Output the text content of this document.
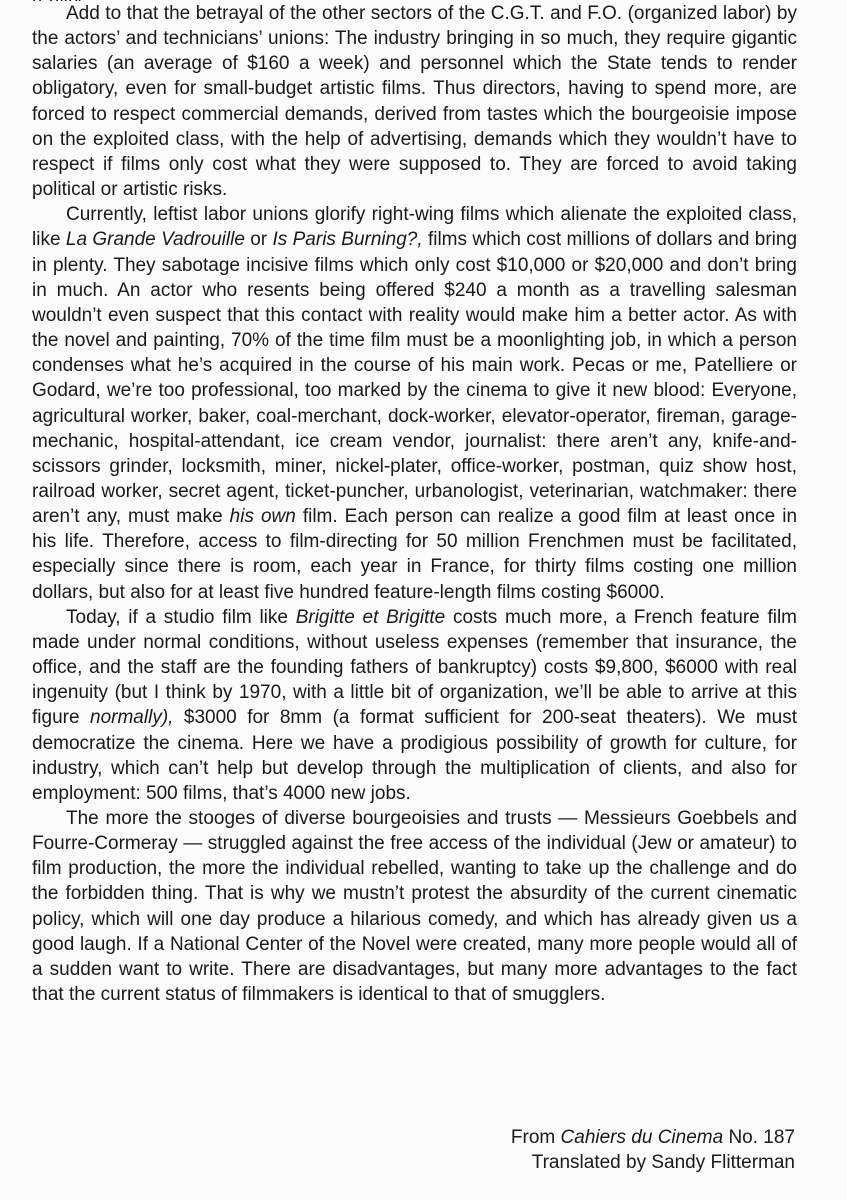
Add to that the betrayal of the other sectors of the C.G.T. and F.O. (organized labor) by the actors’ and technicians’ unions: The industry bringing in so much, they require gigantic salaries (an average of $160 a week) and personnel which the State tends to render obligatory, even for small-budget artistic films. Thus directors, having to spend more, are forced to respect commercial demands, derived from tastes which the bourgeoisie impose on the exploited class, with the help of advertising, demands which they wouldn’t have to respect if films only cost what they were supposed to. They are forced to avoid taking political or artistic risks.

Currently, leftist labor unions glorify right-wing films which alienate the exploited class, like La Grande Vadrouille or Is Paris Burning?, films which cost millions of dollars and bring in plenty. They sabotage incisive films which only cost $10,000 or $20,000 and don’t bring in much. An actor who resents being offered $240 a month as a travelling salesman wouldn’t even suspect that this contact with reality would make him a better actor. As with the novel and painting, 70% of the time film must be a moonlighting job, in which a person condenses what he’s acquired in the course of his main work. Pecas or me, Patelliere or Godard, we’re too professional, too marked by the cinema to give it new blood: Everyone, agricultural worker, baker, coal-merchant, dock-worker, elevator-operator, fireman, garage-mechanic, hospital-attendant, ice cream vendor, journalist: there aren’t any, knife-and-scissors grinder, locksmith, miner, nickel-plater, office-worker, postman, quiz show host, railroad worker, secret agent, ticket-puncher, urbanologist, veterinarian, watchmaker: there aren’t any, must make his own film. Each person can realize a good film at least once in his life. Therefore, access to film-directing for 50 million Frenchmen must be facilitated, especially since there is room, each year in France, for thirty films costing one million dollars, but also for at least five hundred feature-length films costing $6000.

Today, if a studio film like Brigitte et Brigitte costs much more, a French feature film made under normal conditions, without useless expenses (remember that insurance, the office, and the staff are the founding fathers of bankruptcy) costs $9,800, $6000 with real ingenuity (but I think by 1970, with a little bit of organization, we’ll be able to arrive at this figure normally), $3000 for 8mm (a format sufficient for 200-seat theaters). We must democratize the cinema. Here we have a prodigious possibility of growth for culture, for industry, which can’t help but develop through the multiplication of clients, and also for employment: 500 films, that’s 4000 new jobs.

The more the stooges of diverse bourgeoisies and trusts — Messieurs Goebbels and Fourre-Cormeray — struggled against the free access of the individual (Jew or amateur) to film production, the more the individual rebelled, wanting to take up the challenge and do the forbidden thing. That is why we mustn’t protest the absurdity of the current cinematic policy, which will one day produce a hilarious comedy, and which has already given us a good laugh. If a National Center of the Novel were created, many more people would all of a sudden want to write. There are disadvantages, but many more advantages to the fact that the current status of filmmakers is identical to that of smugglers.

From Cahiers du Cinema No. 187

Translated by Sandy Flitterman
